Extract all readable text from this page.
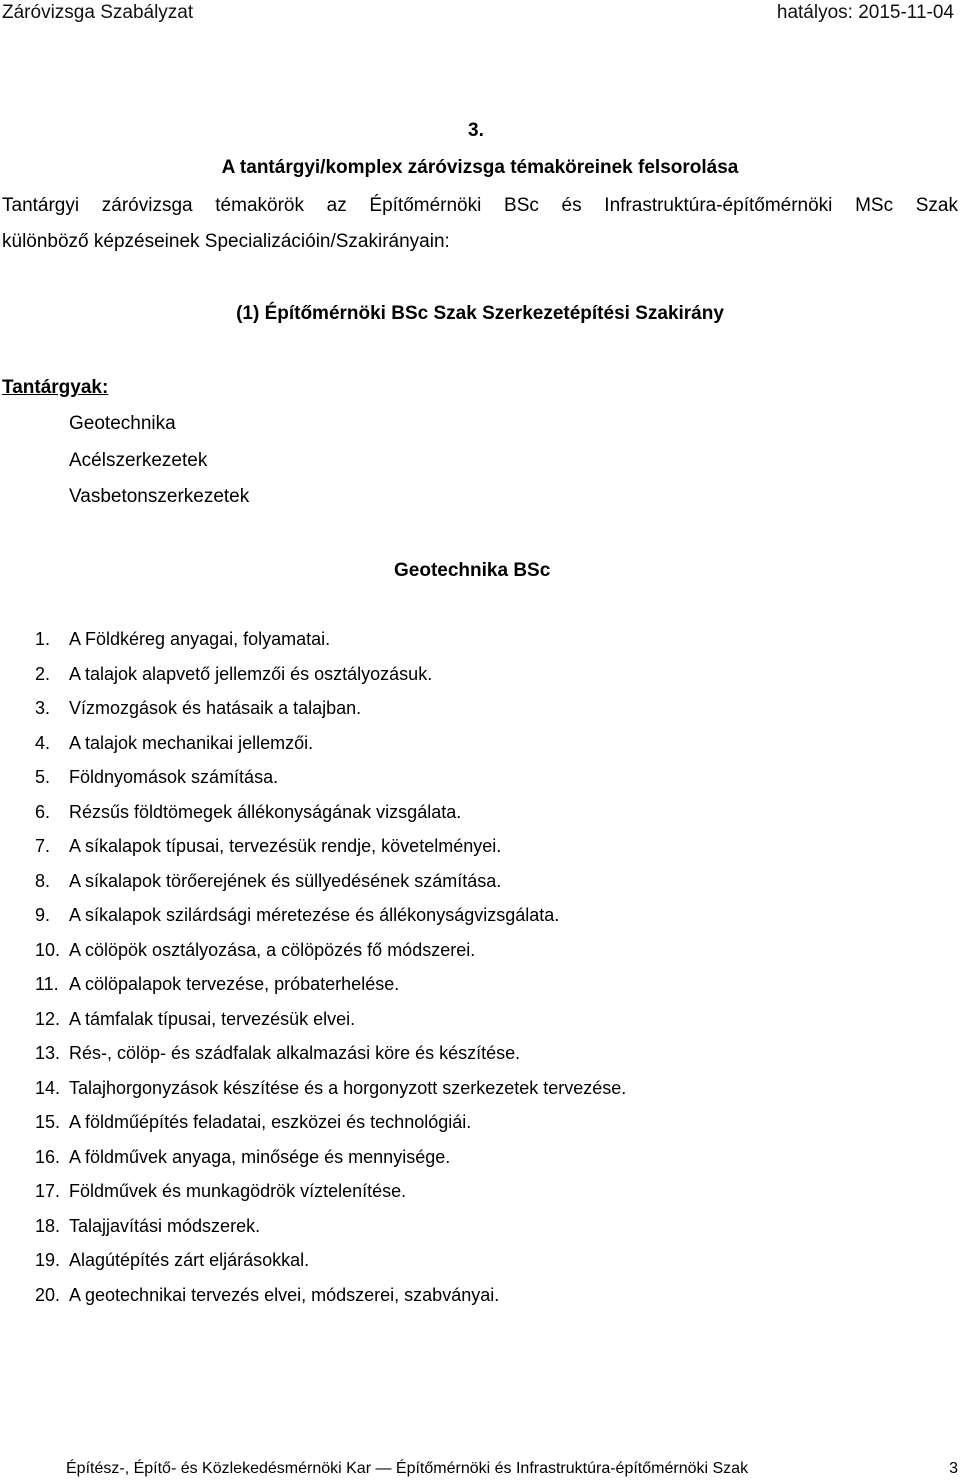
Záróvizsga Szabályzat	hatályos: 2015-11-04
3.
A tantárgyi/komplex záróvizsga témaköreinek felsorolása
Tantárgyi záróvizsga témakörök az Építőmérnöki BSc és Infrastruktúra-építőmérnöki MSc Szak
különböző képzéseinek Specializációin/Szakirányain:
(1) Építőmérnöki BSc Szak Szerkezetépítési Szakirány
Tantárgyak:
Geotechnika
Acélszerkezetek
Vasbetonszerkezetek
Geotechnika BSc
1. A Földkéreg anyagai, folyamatai.
2. A talajok alapvető jellemzői és osztályozásuk.
3. Vízmozgások és hatásaik a talajban.
4. A talajok mechanikai jellemzői.
5. Földnyomások számítása.
6. Rézsűs földtömegek állékonyságának vizsgálata.
7. A síkalapok típusai, tervezésük rendje, követelményei.
8. A síkalapok törőerejének és süllyedésének számítása.
9. A síkalapok szilárdsági méretezése és állékonyságvizsgálata.
10. A cölöpök osztályozása, a cölöpözés fő módszerei.
11. A cölöpalapok tervezése, próbaterhelése.
12. A támfalak típusai, tervezésük elvei.
13. Rés-, cölöp- és szádfalak alkalmazási köre és készítése.
14. Talajhorgonyzások készítése és a horgonyzott szerkezetek tervezése.
15. A földműépítés feladatai, eszközei és technológiái.
16. A földművek anyaga, minősége és mennyisége.
17. Földművek és munkagödrök víztelenítése.
18. Talajjavítási módszerek.
19. Alagútépítés zárt eljárásokkal.
20. A geotechnikai tervezés elvei, módszerei, szabványai.
Építész-, Építő- és Közlekedésmérnöki Kar — Építőmérnöki és Infrastruktúra-építőmérnöki Szak	3
